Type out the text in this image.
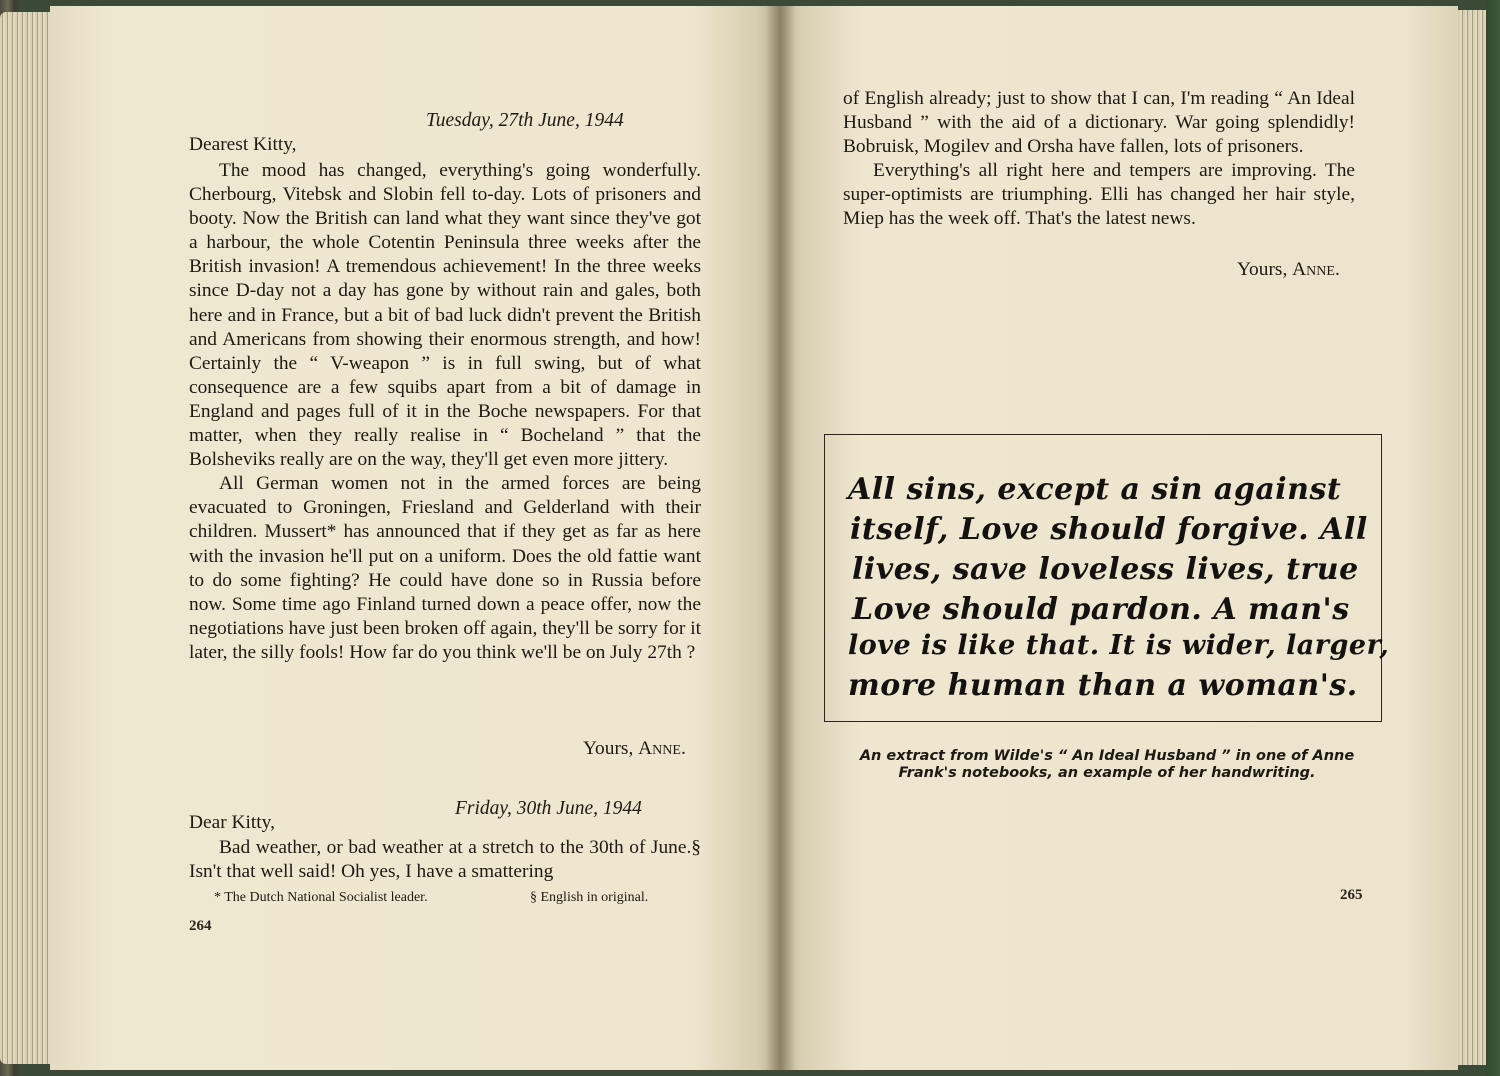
Tuesday, 27th June, 1944
Dearest Kitty,

The mood has changed, everything's going wonderfully. Cherbourg, Vitebsk and Slobin fell to-day. Lots of prisoners and booty. Now the British can land what they want since they've got a harbour, the whole Cotentin Peninsula three weeks after the British invasion! A tremendous achievement! In the three weeks since D-day not a day has gone by without rain and gales, both here and in France, but a bit of bad luck didn't prevent the British and Americans from showing their enormous strength, and how! Certainly the “ V-weapon ” is in full swing, but of what consequence are a few squibs apart from a bit of damage in England and pages full of it in the Boche newspapers. For that matter, when they really realise in “ Bocheland ” that the Bolsheviks really are on the way, they'll get even more jittery.

All German women not in the armed forces are being evacuated to Groningen, Friesland and Gelderland with their children. Mussert* has announced that if they get as far as here with the invasion he'll put on a uniform. Does the old fattie want to do some fighting? He could have done so in Russia before now. Some time ago Finland turned down a peace offer, now the negotiations have just been broken off again, they'll be sorry for it later, the silly fools! How far do you think we'll be on July 27th ?

Yours, Anne.
Friday, 30th June, 1944
Dear Kitty,

Bad weather, or bad weather at a stretch to the 30th of June.§ Isn't that well said! Oh yes, I have a smattering

* The Dutch National Socialist leader.	§ English in original.
264

of English already; just to show that I can, I'm reading “ An Ideal Husband ” with the aid of a dictionary. War going splendidly! Bobruisk, Mogilev and Orsha have fallen, lots of prisoners.

Everything's all right here and tempers are improving. The super-optimists are triumphing. Elli has changed her hair style, Miep has the week off. That's the latest news.

Yours, Anne.
All sins, except a sin against
itself, Love should forgive. All
lives, save loveless lives, true
Love should pardon. A man's
love is like that. It is wider, larger,
more human than a woman's.
An extract from Wilde's “ An Ideal Husband ” in one of Anne
Frank's notebooks, an example of her handwriting.
265
